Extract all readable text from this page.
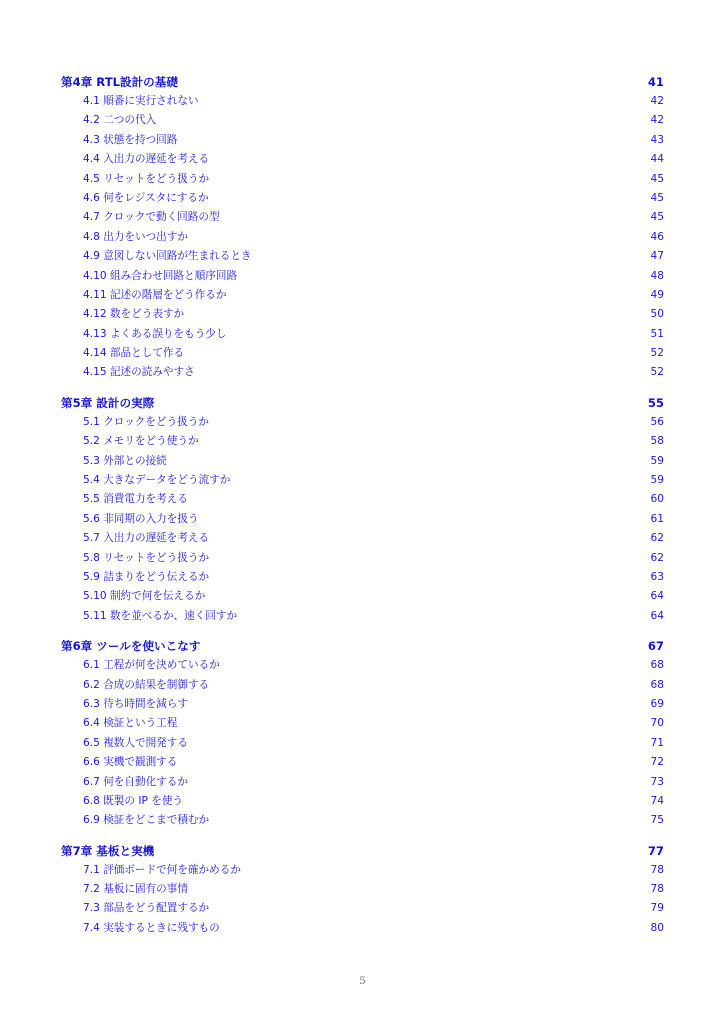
第4章 RTL設計の基礎	41
4.1 順番に実行されない	42
4.2 二つの代入	42
4.3 状態を持つ回路	43
4.4 入出力の遅延を考える	44
4.5 リセットをどう扱うか	45
4.6 何をレジスタにするか	45
4.7 クロックで動く回路の型	45
4.8 出力をいつ出すか	46
4.9 意図しない回路が生まれるとき	47
4.10 組み合わせ回路と順序回路	48
4.11 記述の階層をどう作るか	49
4.12 数をどう表すか	50
4.13 よくある誤りをもう少し	51
4.14 部品として作る	52
4.15 記述の読みやすさ	52
第5章 設計の実際	55
5.1 クロックをどう扱うか	56
5.2 メモリをどう使うか	58
5.3 外部との接続	59
5.4 大きなデータをどう流すか	59
5.5 消費電力を考える	60
5.6 非同期の入力を扱う	61
5.7 入出力の遅延を考える	62
5.8 リセットをどう扱うか	62
5.9 詰まりをどう伝えるか	63
5.10 制約で何を伝えるか	64
5.11 数を並べるか、速く回すか	64
第6章 ツールを使いこなす	67
6.1 工程が何を決めているか	68
6.2 合成の結果を制御する	68
6.3 待ち時間を減らす	69
6.4 検証という工程	70
6.5 複数人で開発する	71
6.6 実機で観測する	72
6.7 何を自動化するか	73
6.8 既製の IP を使う	74
6.9 検証をどこまで積むか	75
第7章 基板と実機	77
7.1 評価ボードで何を確かめるか	78
7.2 基板に固有の事情	78
7.3 部品をどう配置するか	79
7.4 実装するときに残すもの	80
5
